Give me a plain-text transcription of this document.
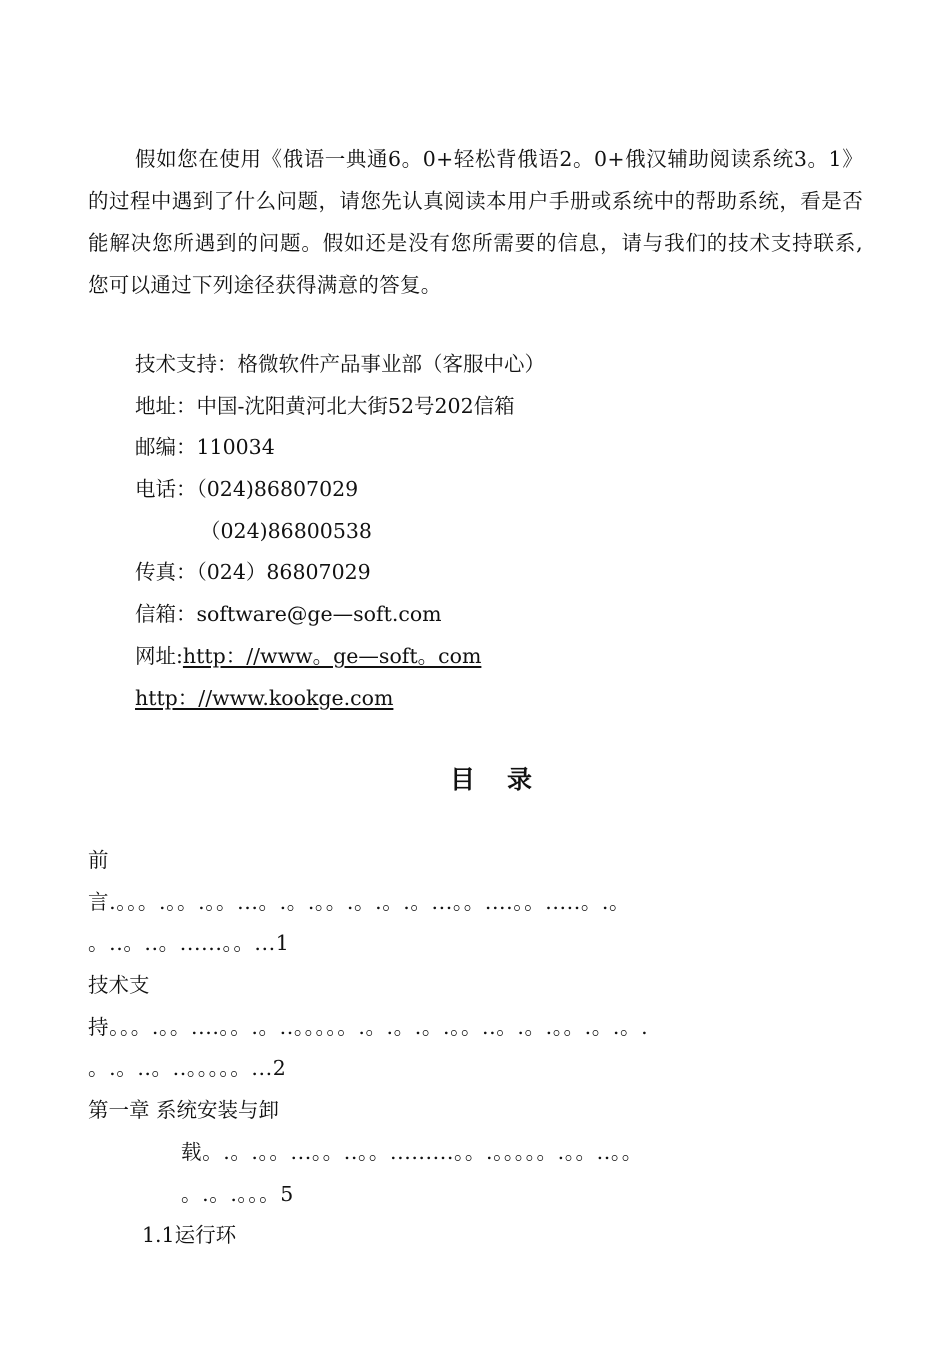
假如您在使用《俄语一典通6。0+轻松背俄语2。0+俄汉辅助阅读系统3。1》的过程中遇到了什么问题，请您先认真阅读本用户手册或系统中的帮助系统，看是否能解决您所遇到的问题。假如还是没有您所需要的信息，请与我们的技术支持联系,您可以通过下列途径获得满意的答复。

技术支持：格微软件产品事业部（客服中心）
地址：中国-沈阳黄河北大街52号202信箱
邮编：110034
电话：（024)86807029
（024)86800538
传真：（024）86807029
信箱：software@ge—soft.com
网址:http：//www。ge—soft。com
http：//www.kookge.com
目录
前
言.。。。.。。.。。...。.。.。。.。.。.。...。。....。。.....。.。
。..。..。......。。...1
技术支
持。。。.。。....。。.。..。。。。。.。.。.。.。。..。.。.。。.。.。.
。.。..。..。。。。。...2
第一章 系统安装与卸
载。.。.。。...。。..。。.........。。.。。。。。.。。..。。
。.。.。。。5
1.1运行环
